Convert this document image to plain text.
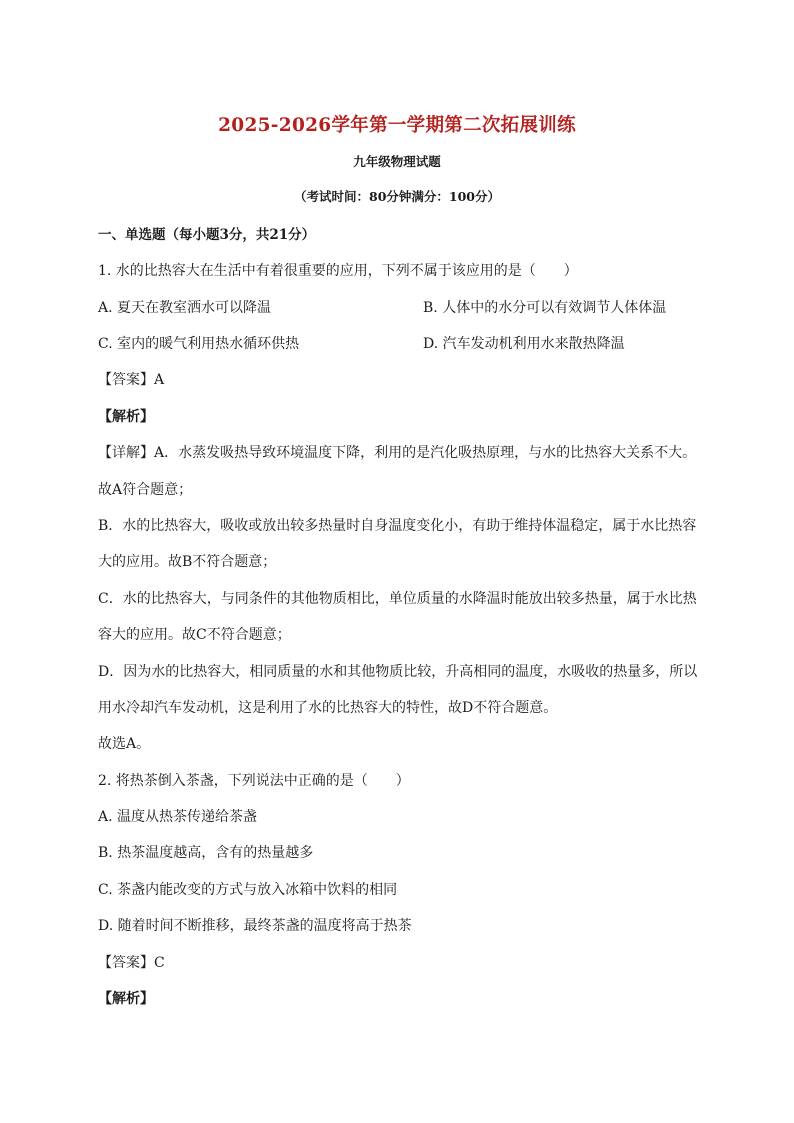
2025-2026学年第一学期第二次拓展训练
九年级物理试题
（考试时间：80分钟满分：100分）
一、单选题（每小题3分，共21分）
1. 水的比热容大在生活中有着很重要的应用，下列不属于该应用的是（　　）
A. 夏天在教室洒水可以降温	B. 人体中的水分可以有效调节人体体温
C. 室内的暖气利用热水循环供热	D. 汽车发动机利用水来散热降温
【答案】A
【解析】
【详解】A．水蒸发吸热导致环境温度下降，利用的是汽化吸热原理，与水的比热容大关系不大。
故A符合题意；
B．水的比热容大，吸收或放出较多热量时自身温度变化小，有助于维持体温稳定，属于水比热容
大的应用。故B不符合题意；
C．水的比热容大，与同条件的其他物质相比，单位质量的水降温时能放出较多热量，属于水比热
容大的应用。故C不符合题意；
D．因为水的比热容大，相同质量的水和其他物质比较，升高相同的温度，水吸收的热量多，所以
用水冷却汽车发动机，这是利用了水的比热容大的特性，故D不符合题意。
故选A。
2. 将热茶倒入茶盏，下列说法中正确的是（　　）
A. 温度从热茶传递给茶盏
B. 热茶温度越高，含有的热量越多
C. 茶盏内能改变的方式与放入冰箱中饮料的相同
D. 随着时间不断推移，最终茶盏的温度将高于热茶
【答案】C
【解析】
